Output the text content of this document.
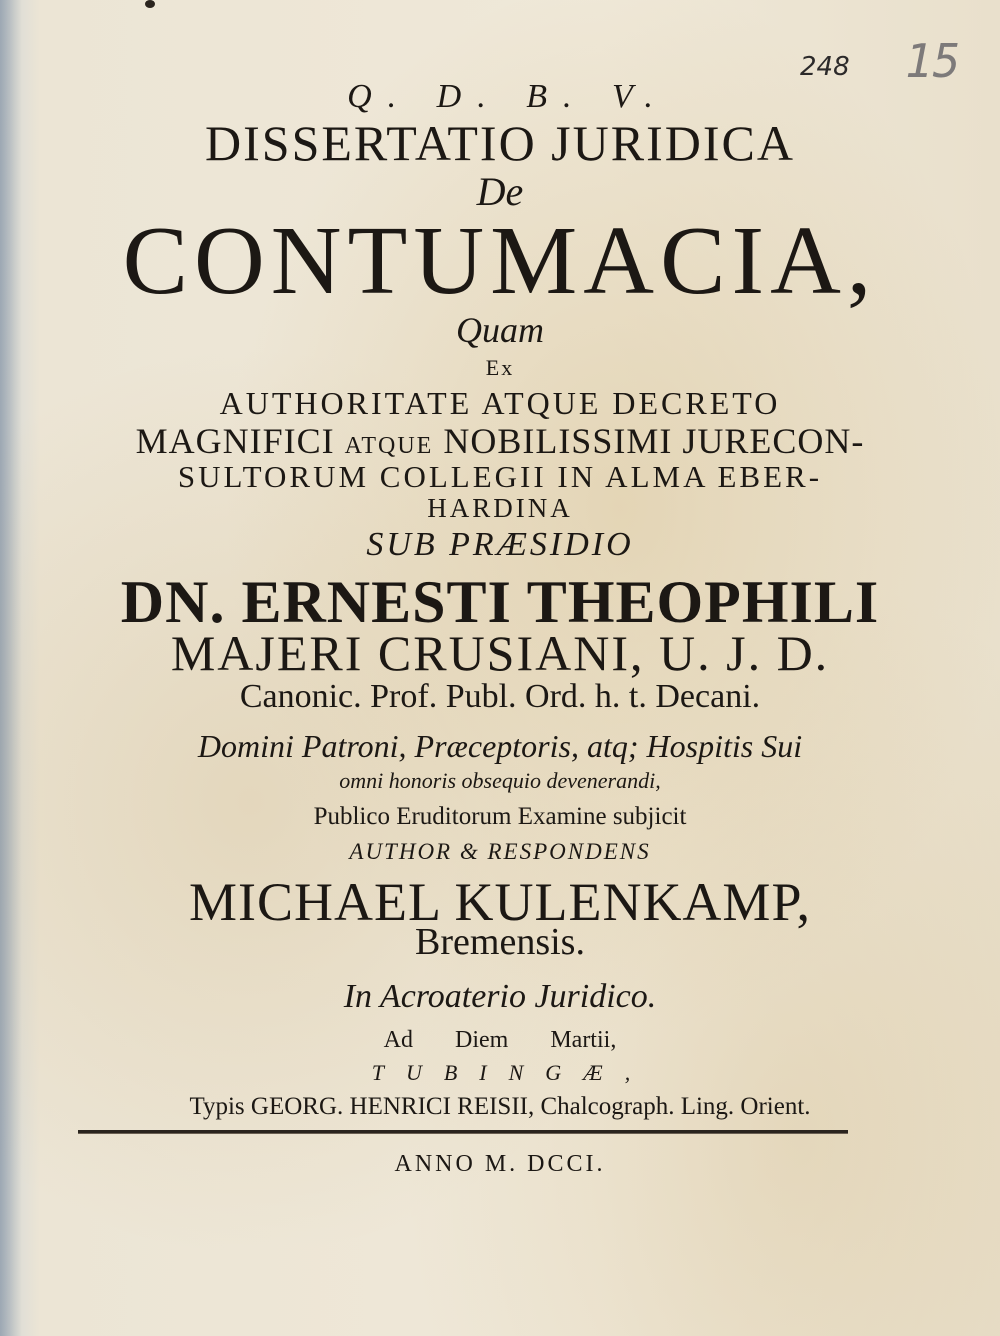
248 15

Q. D. B. V.

DISSERTATIO JURIDICA

De

CONTUMACIA,

Quam

Ex

AUTHORITATE ATQUE DECRETO

MAGNIFICI ATQUE NOBILISSIMI JURECON-

SULTORUM COLLEGII IN ALMA EBER-

HARDINA

SUB PRÆSIDIO

DN. ERNESTI THEOPHILI

MAJERI CRUSIANI, U. J. D.

Canonic. Prof. Publ. Ord. h. t. Decani.

Domini Patroni, Præceptoris, atq; Hospitis Sui

omni honoris obsequio devenerandi,

Publico Eruditorum Examine subjicit

AUTHOR & RESPONDENS

MICHAEL KULENKAMP,

Bremensis.

In Acroaterio Juridico.

Ad Diem Martii,

TUBINGÆ,

Typis GEORG. HENRICI REISII, Chalcograph. Ling. Orient.

ANNO M. DCCI.
